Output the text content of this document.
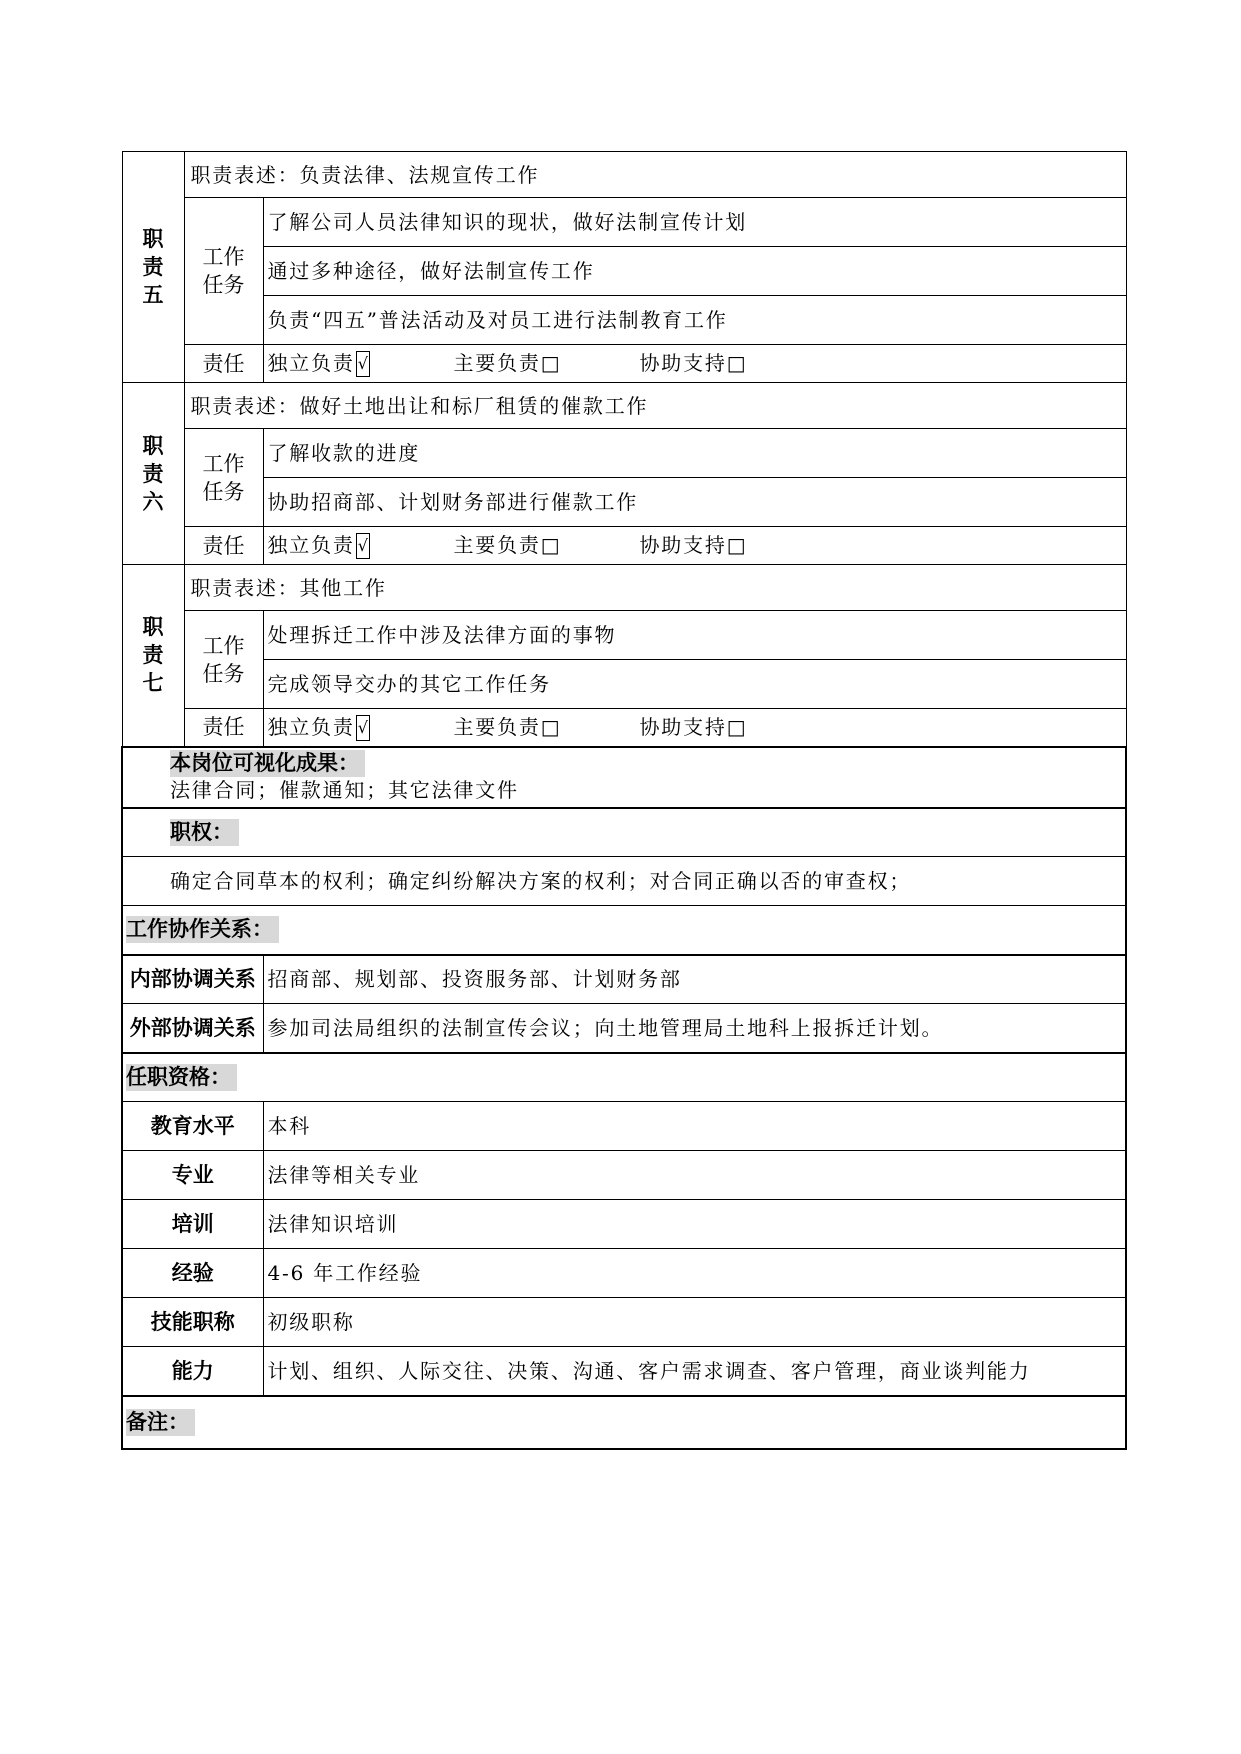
职责五	职责表述：负责法律、法规宣传工作	
	工作任务	了解公司人员法律知识的现状，做好法制宣传计划
		通过多种途径，做好法制宣传工作
		负责“四五”普法活动及对员工进行法制教育工作
	责任	独立负责 √ 主要负责□ 协助支持□
职责六	职责表述：做好土地出让和标厂租赁的催款工作	
	工作任务	了解收款的进度
		协助招商部、计划财务部进行催款工作
	责任	独立负责 √ 主要负责□ 协助支持□
职责七	职责表述：其他工作	
	工作任务	处理拆迁工作中涉及法律方面的事物
		完成领导交办的其它工作任务
	责任	独立负责 √ 主要负责□ 协助支持□

本岗位可视化成果：
法律合同；催款通知；其它法律文件		

职权：		
确定合同草本的权利；确定纠纷解决方案的权利；对合同正确以否的审查权；		
工作协作关系：		
内部协调关系		招商部、规划部、投资服务部、计划财务部
外部协调关系		参加司法局组织的法制宣传会议；向土地管理局土地科上报拆迁计划。
任职资格：		
教育水平		本科
专业		法律等相关专业
培训		法律知识培训
经验		4-6 年工作经验
技能职称		初级职称
能力		计划、组织、人际交往、决策、沟通、客户需求调查、客户管理，商业谈判能力
备注：		
